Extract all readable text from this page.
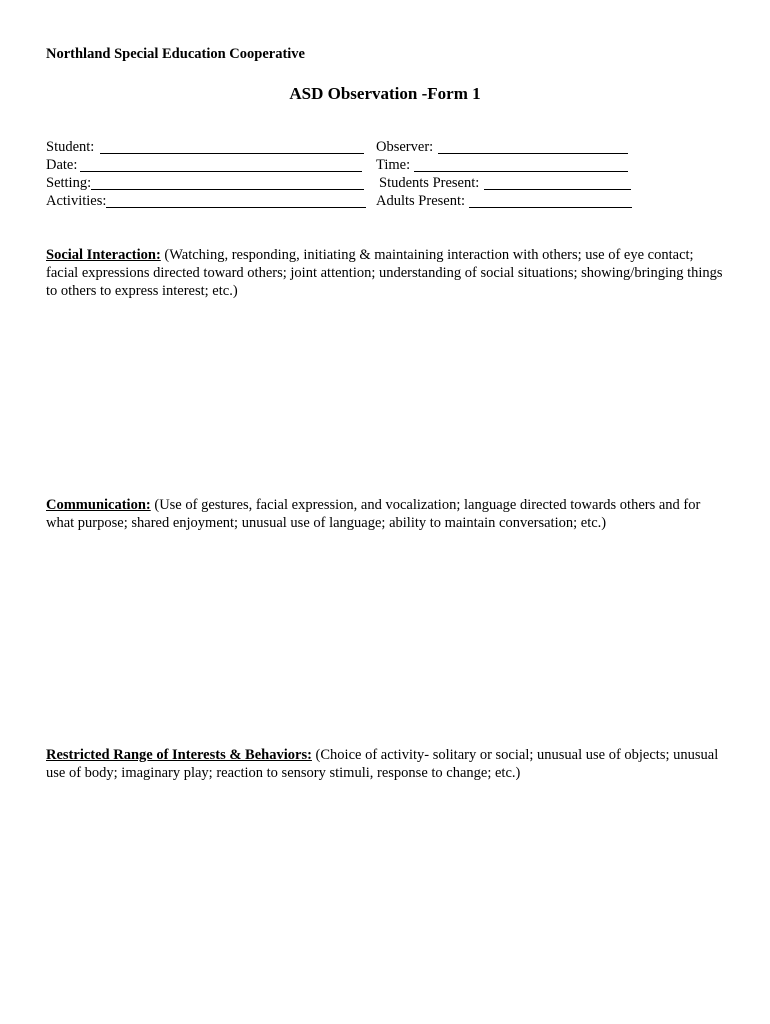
Northland Special Education Cooperative
ASD Observation -Form 1
Student:
Date:
Setting:
Activities:
Observer:
Time:
Students Present:
Adults Present:
Social Interaction: (Watching, responding, initiating & maintaining interaction with others; use of eye contact; facial expressions directed toward others; joint attention; understanding of social situations; showing/bringing things to others to express interest; etc.)
Communication: (Use of gestures, facial expression, and vocalization; language directed towards others and for what purpose; shared enjoyment; unusual use of language; ability to maintain conversation; etc.)
Restricted Range of Interests & Behaviors: (Choice of activity- solitary or social; unusual use of objects; unusual use of body; imaginary play; reaction to sensory stimuli, response to change; etc.)
